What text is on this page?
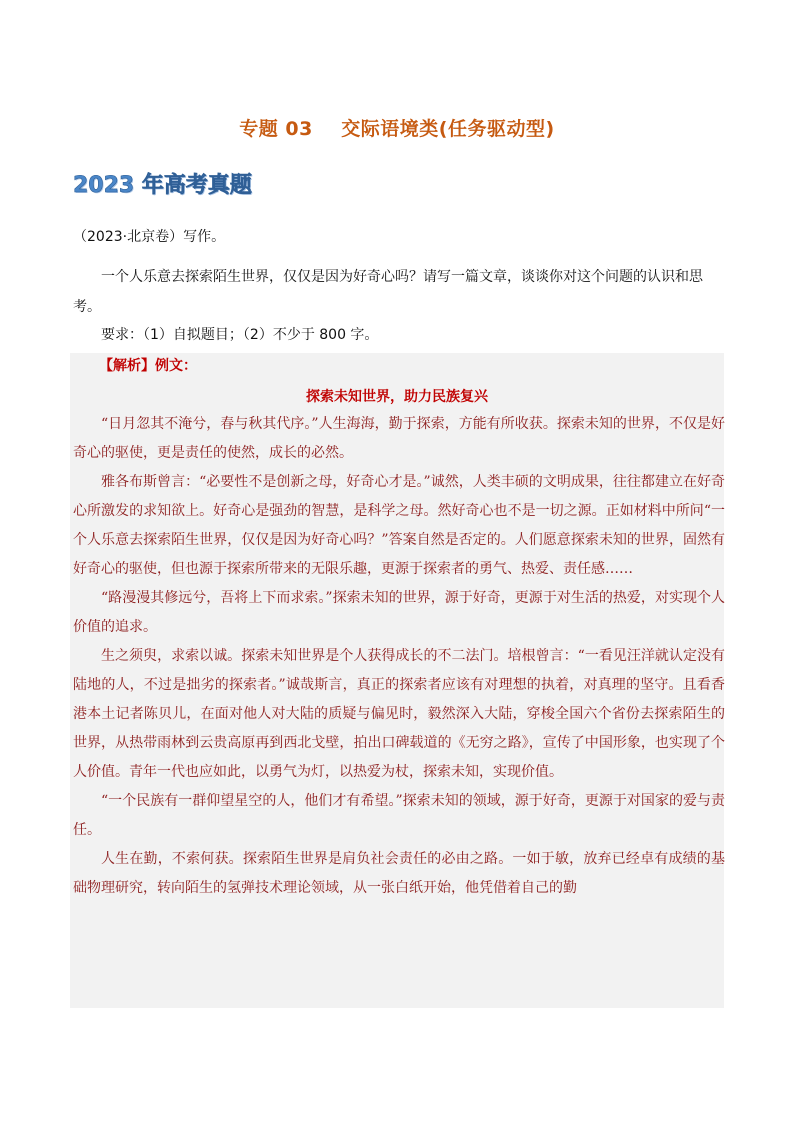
专题 03    交际语境类(任务驱动型)
2023 年高考真题
（2023·北京卷）写作。
一个人乐意去探索陌生世界，仅仅是因为好奇心吗？请写一篇文章，谈谈你对这个问题的认识和思考。
要求：（1）自拟题目；（2）不少于 800 字。
【解析】例文：
探索未知世界，助力民族复兴

“日月忽其不淹兮，春与秋其代序。”人生海海，勤于探索，方能有所收获。探索未知的世界，不仅是好奇心的驱使，更是责任的使然，成长的必然。

雅各布斯曾言：“必要性不是创新之母，好奇心才是。”诚然，人类丰硕的文明成果，往往都建立在好奇心所激发的求知欲上。好奇心是强劲的智慧，是科学之母。然好奇心也不是一切之源。正如材料中所问“一个人乐意去探索陌生世界，仅仅是因为好奇心吗？”答案自然是否定的。人们愿意探索未知的世界，固然有好奇心的驱使，但也源于探索所带来的无限乐趣，更源于探索者的勇气、热爱、责任感……

“路漫漫其修远兮，吾将上下而求索。”探索未知的世界，源于好奇，更源于对生活的热爱，对实现个人价值的追求。

生之须臾，求索以诚。探索未知世界是个人获得成长的不二法门。培根曾言：“一看见汪洋就认定没有陆地的人，不过是拙劣的探索者。”诚哉斯言，真正的探索者应该有对理想的执着，对真理的坚守。且看香港本土记者陈贝儿，在面对他人对大陆的质疑与偏见时，毅然深入大陆，穿梭全国六个省份去探索陌生的世界，从热带雨林到云贵高原再到西北戈壁，拍出口碑载道的《无穷之路》，宣传了中国形象，也实现了个人价值。青年一代也应如此，以勇气为灯，以热爱为杖，探索未知，实现价值。

“一个民族有一群仰望星空的人，他们才有希望。”探索未知的领域，源于好奇，更源于对国家的爱与责任。

人生在勤，不索何获。探索陌生世界是肩负社会责任的必由之路。一如于敏，放弃已经卓有成绩的基础物理研究，转向陌生的氢弹技术理论领域，从一张白纸开始，他凭借着自己的勤
